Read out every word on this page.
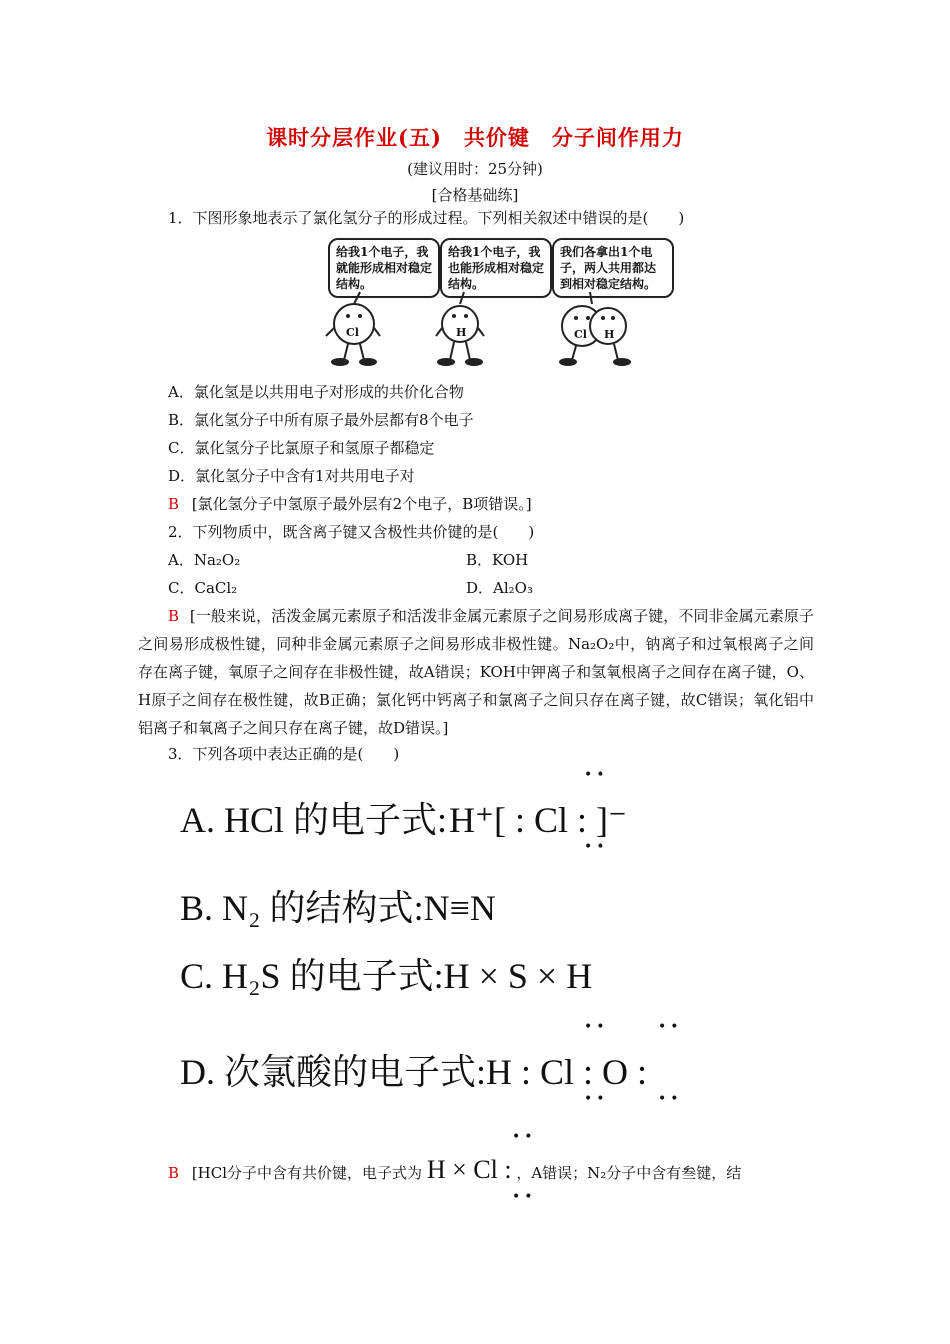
课时分层作业(五)　共价键　分子间作用力
(建议用时：25分钟)
[合格基础练]
1．下图形象地表示了氯化氢分子的形成过程。下列相关叙述中错误的是(　　)
给我1个电子，我就能形成相对稳定结构。
给我1个电子，我也能形成相对稳定结构。
我们各拿出1个电子，两人共用都达到相对稳定结构。
Cl	H	Cl H
A．氯化氢是以共用电子对形成的共价化合物
B．氯化氢分子中所有原子最外层都有8个电子
C．氯化氢分子比氯原子和氢原子都稳定
D．氯化氢分子中含有1对共用电子对
B [氯化氢分子中氢原子最外层有2个电子，B项错误。]
2．下列物质中，既含离子键又含极性共价键的是(　　)
A．Na₂O₂	B．KOH
C．CaCl₂	D．Al₂O₃
B [一般来说，活泼金属元素原子和活泼非金属元素原子之间易形成离子键，不同非金属元素原子之间易形成极性键，同种非金属元素原子之间易形成非极性键。Na₂O₂中，钠离子和过氧根离子之间存在离子键，氧原子之间存在非极性键，故A错误；KOH中钾离子和氢氧根离子之间存在离子键，O、H原子之间存在极性键，故B正确；氯化钙中钙离子和氯离子之间只存在离子键，故C错误；氧化铝中铝离子和氧离子之间只存在离子键，故D错误。]
3．下列各项中表达正确的是(　　)
A. HCl 的电子式:H⁺[ : Cl : ]⁻
••
••
B. N₂ 的结构式:N≡N
C. H₂S 的电子式:H × S × H
D. 次氯酸的电子式:H : Cl : O :
••
••
••
••
B [HCl分子中含有共价键，电子式为 H × Cl : ，A错误；N₂分子中含有叁键，结
••
••
